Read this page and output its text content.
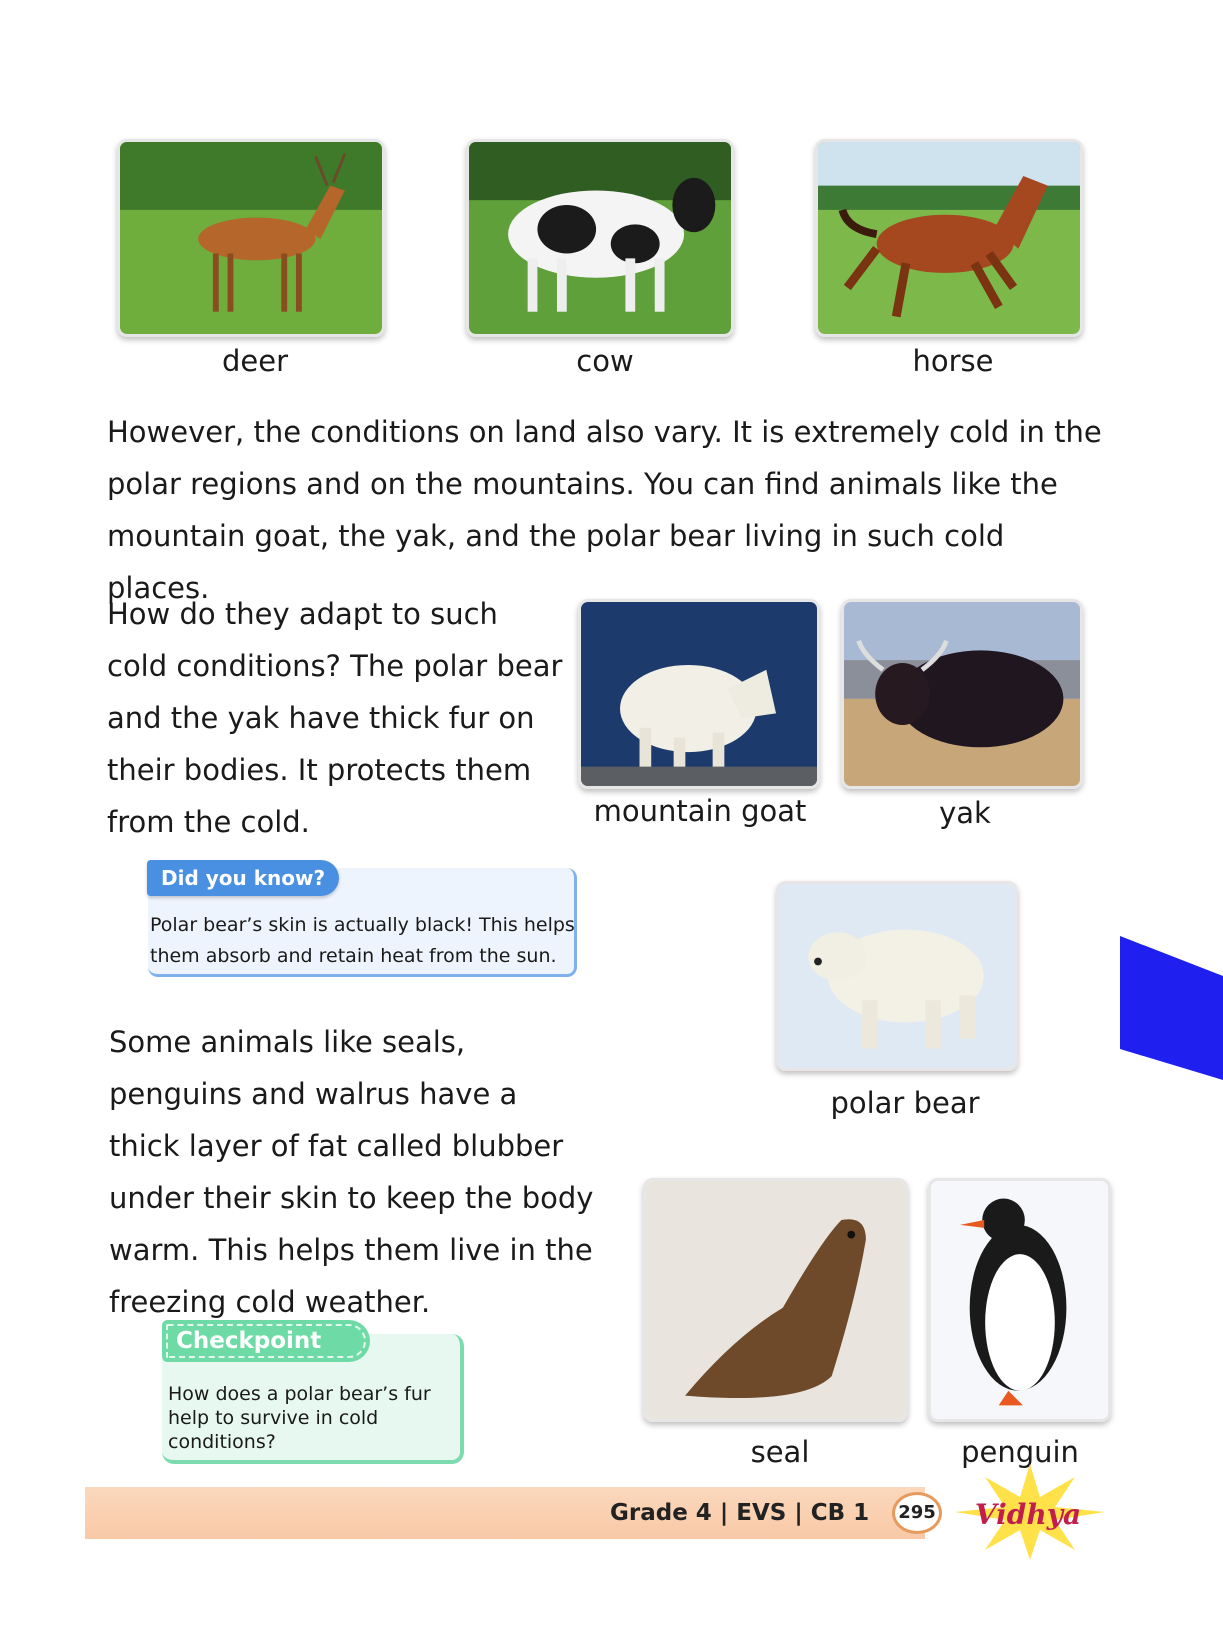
deer	cow	horse

However, the conditions on land also vary. It is extremely cold in the polar regions and on the mountains. You can find animals like the mountain goat, the yak, and the polar bear living in such cold places.

How do they adapt to such cold conditions? The polar bear and the yak have thick fur on their bodies. It protects them from the cold.	mountain goat	yak
Did you know?

Polar bear’s skin is actually black! This helps

them absorb and retain heat from the sun.

polar bear

Some animals like seals, penguins and walrus have a thick layer of fat called blubber under their skin to keep the body warm. This helps them live in the freezing cold weather.

seal	penguin
Checkpoint

How does a polar bear’s fur help to survive in cold conditions?

Grade 4 | EVS | CB 1	295 Vidhya
